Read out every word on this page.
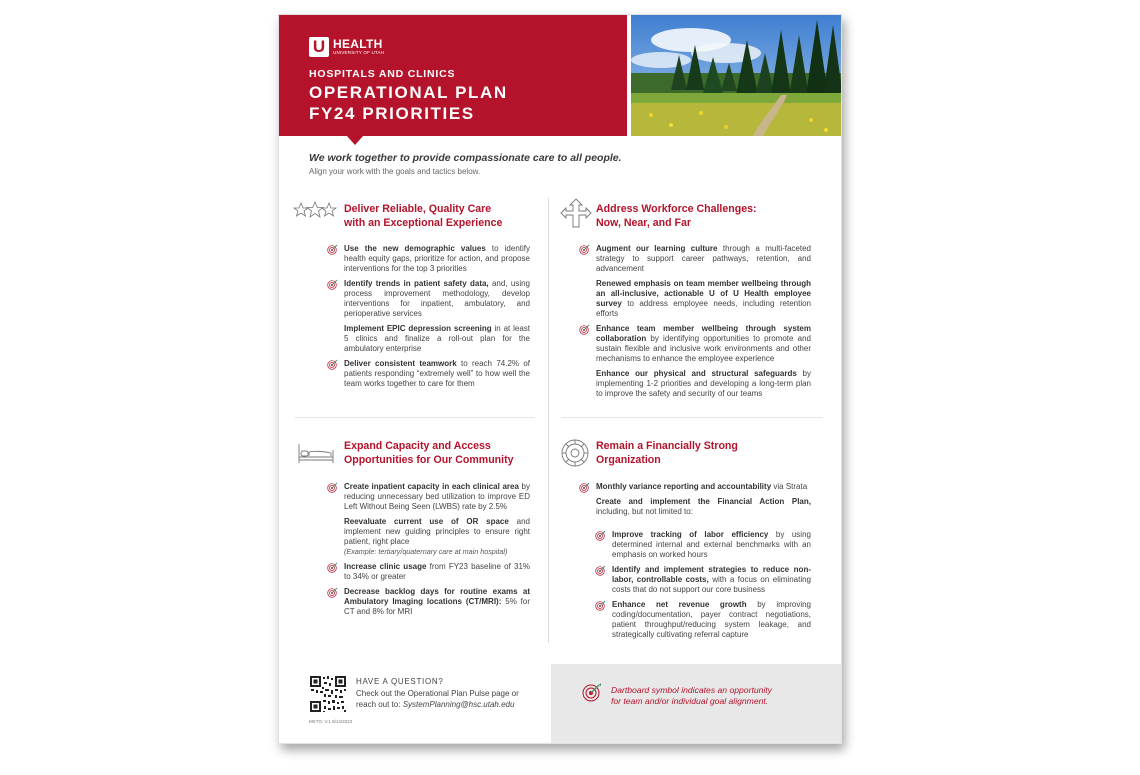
U HEALTH
UNIVERSITY OF UTAH
HOSPITALS AND CLINICS
OPERATIONAL PLAN
FY24 PRIORITIES
We work together to provide compassionate care to all people.
Align your work with the goals and tactics below.
Deliver Reliable, Quality Care
with an Exceptional Experience
Use the new demographic values to identify health equity gaps, prioritize for action, and propose interventions for the top 3 priorities
Identify trends in patient safety data, and, using process improvement methodology, develop interventions for inpatient, ambulatory, and perioperative services
Implement EPIC depression screening in at least 5 clinics and finalize a roll-out plan for the ambulatory enterprise
Deliver consistent teamwork to reach 74.2% of patients responding “extremely well” to how well the team works together to care for them
Address Workforce Challenges:
Now, Near, and Far
Augment our learning culture through a multi-faceted strategy to support career pathways, retention, and advancement
Renewed emphasis on team member wellbeing through an all-inclusive, actionable U of U Health employee survey to address employee needs, including retention efforts
Enhance team member wellbeing through system collaboration by identifying opportunities to promote and sustain flexible and inclusive work environments and other mechanisms to enhance the employee experience
Enhance our physical and structural safeguards by implementing 1-2 priorities and developing a long-term plan to improve the safety and security of our teams
Expand Capacity and Access
Opportunities for Our Community
Create inpatient capacity in each clinical area by reducing unnecessary bed utilization to improve ED Left Without Being Seen (LWBS) rate by 2.5%
Reevaluate current use of OR space and implement new guiding principles to ensure right patient, right place
(Example: tertiary/quaternary care at main hospital)
Increase clinic usage from FY23 baseline of 31% to 34% or greater
Decrease backlog days for routine exams at Ambulatory Imaging locations (CT/MRI): 5% for CT and 8% for MRI
Remain a Financially Strong
Organization
Monthly variance reporting and accountability via Strata
Create and implement the Financial Action Plan, including, but not limited to:
Improve tracking of labor efficiency by using determined internal and external benchmarks with an emphasis on worked hours
Identify and implement strategies to reduce non-labor, controllable costs, with a focus on eliminating costs that do not support our core business
Enhance net revenue growth by improving coding/documentation, payer contract negotiations, patient throughput/reducing system leakage, and strategically cultivating referral capture
HAVE A QUESTION?
Check out the Operational Plan Pulse page or
reach out to: SystemPlanning@hsc.utah.edu
MKTG: V.1 8/14/2023
Dartboard symbol indicates an opportunity
for team and/or individual goal alignment.
